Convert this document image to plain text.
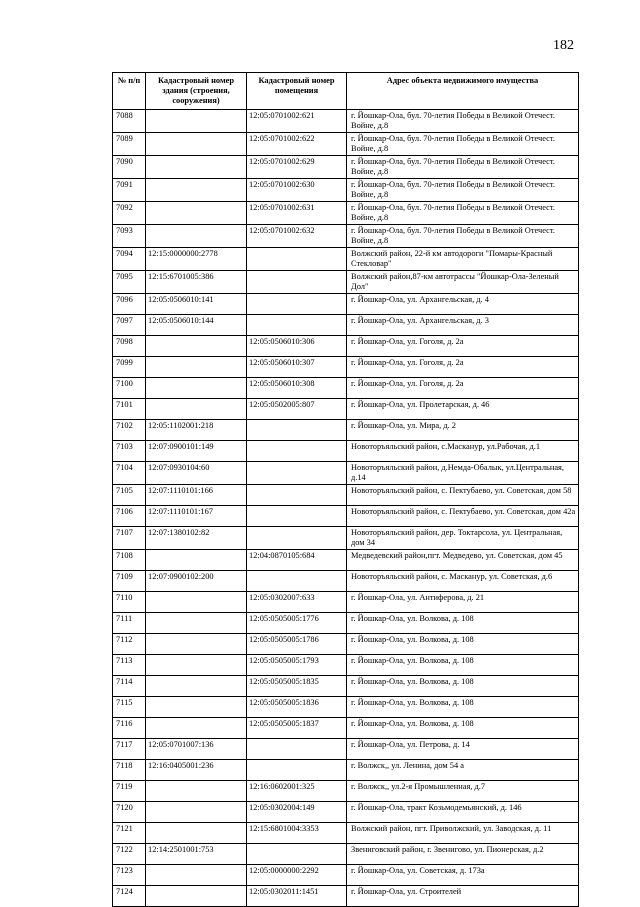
182
№ п/п	Кадастровый номер здания (строения, сооружения)	Кадастровый номер помещения	Адрес объекта недвижимого имущества
7088		12:05:0701002:621	г. Йошкар-Ола, бул. 70-летия Победы в Великой Отечест. Войне, д.8
7089		12:05:0701002:622	г. Йошкар-Ола, бул. 70-летия Победы в Великой Отечест. Войне, д.8
7090		12:05:0701002:629	г. Йошкар-Ола, бул. 70-летия Победы в Великой Отечест. Войне, д.8
7091		12:05:0701002:630	г. Йошкар-Ола, бул. 70-летия Победы в Великой Отечест. Войне, д.8
7092		12:05:0701002:631	г. Йошкар-Ола, бул. 70-летия Победы в Великой Отечест. Войне, д.8
7093		12:05:0701002:632	г. Йошкар-Ола, бул. 70-летия Победы в Великой Отечест. Войне, д.8
7094	12:15:0000000:2778		Волжский район, 22-й км автодороги "Помары-Красный Стекловар"
7095	12:15:6701005:386		Волжский район,87-км автотрассы "Йошкар-Ола-Зеленый Дол"
7096	12:05:0506010:141		г. Йошкар-Ола, ул. Архангельская, д. 4
7097	12:05:0506010:144		г. Йошкар-Ола, ул. Архангельская, д. 3
7098		12:05:0506010:306	г. Йошкар-Ола, ул. Гоголя, д. 2а
7099		12:05:0506010:307	г. Йошкар-Ола, ул. Гоголя, д. 2а
7100		12:05:0506010:308	г. Йошкар-Ола, ул. Гоголя, д. 2а
7101		12:05:0502005:807	г. Йошкар-Ола, ул. Пролетарская, д. 46
7102	12:05:1102001:218		г. Йошкар-Ола, ул. Мира, д. 2
7103	12:07:0900101:149		Новоторъяльский район, с.Масканур, ул.Рабочая, д.1
7104	12:07:0930104:60		Новоторъяльский район, д.Немда-Обалык, ул.Центральная, д.14
7105	12:07:1110101:166		Новоторъяльский район, с. Пектубаево, ул. Советская, дом 58
7106	12:07:1110101:167		Новоторъяльский район, с. Пектубаево, ул. Советская, дом 42а
7107	12:07:1380102:82		Новоторъяльский район, дер. Токтарсола, ул. Центральная, дом 34
7108		12:04:0870105:684	Медведевский район,пгт. Медведево, ул. Советская, дом 45
7109	12:07:0900102:200		Новоторъяльский район, с. Масканур, ул. Советская, д.6
7110		12:05:0302007:633	г. Йошкар-Ола, ул. Антиферова, д. 21
7111		12:05:0505005:1776	г. Йошкар-Ола, ул. Волкова, д. 108
7112		12:05:0505005:1786	г. Йошкар-Ола, ул. Волкова, д. 108
7113		12:05:0505005:1793	г. Йошкар-Ола, ул. Волкова, д. 108
7114		12:05:0505005:1835	г. Йошкар-Ола, ул. Волкова, д. 108
7115		12:05:0505005:1836	г. Йошкар-Ола, ул. Волкова, д. 108
7116		12:05:0505005:1837	г. Йошкар-Ола, ул. Волкова, д. 108
7117	12:05:0701007:136		г. Йошкар-Ола, ул. Петрова, д. 14
7118	12:16:0405001:236		г. Волжск,, ул. Ленина, дом 54 а
7119		12:16:0602001:325	г. Волжск,, ул.2-я Промышленная, д.7
7120		12:05:0302004:149	г. Йошкар-Ола, тракт Козьмодемьянский, д. 146
7121		12:15:6801004:3353	Волжский район, пгт. Приволжский, ул. Заводская, д. 11
7122	12:14:2501001:753		Звениговский район, г. Звенигово, ул. Пионерская, д.2
7123		12:05:0000000:2292	г. Йошкар-Ола, ул. Советская, д. 173а
7124		12:05:0302011:1451	г. Йошкар-Ола, ул. Строителей
